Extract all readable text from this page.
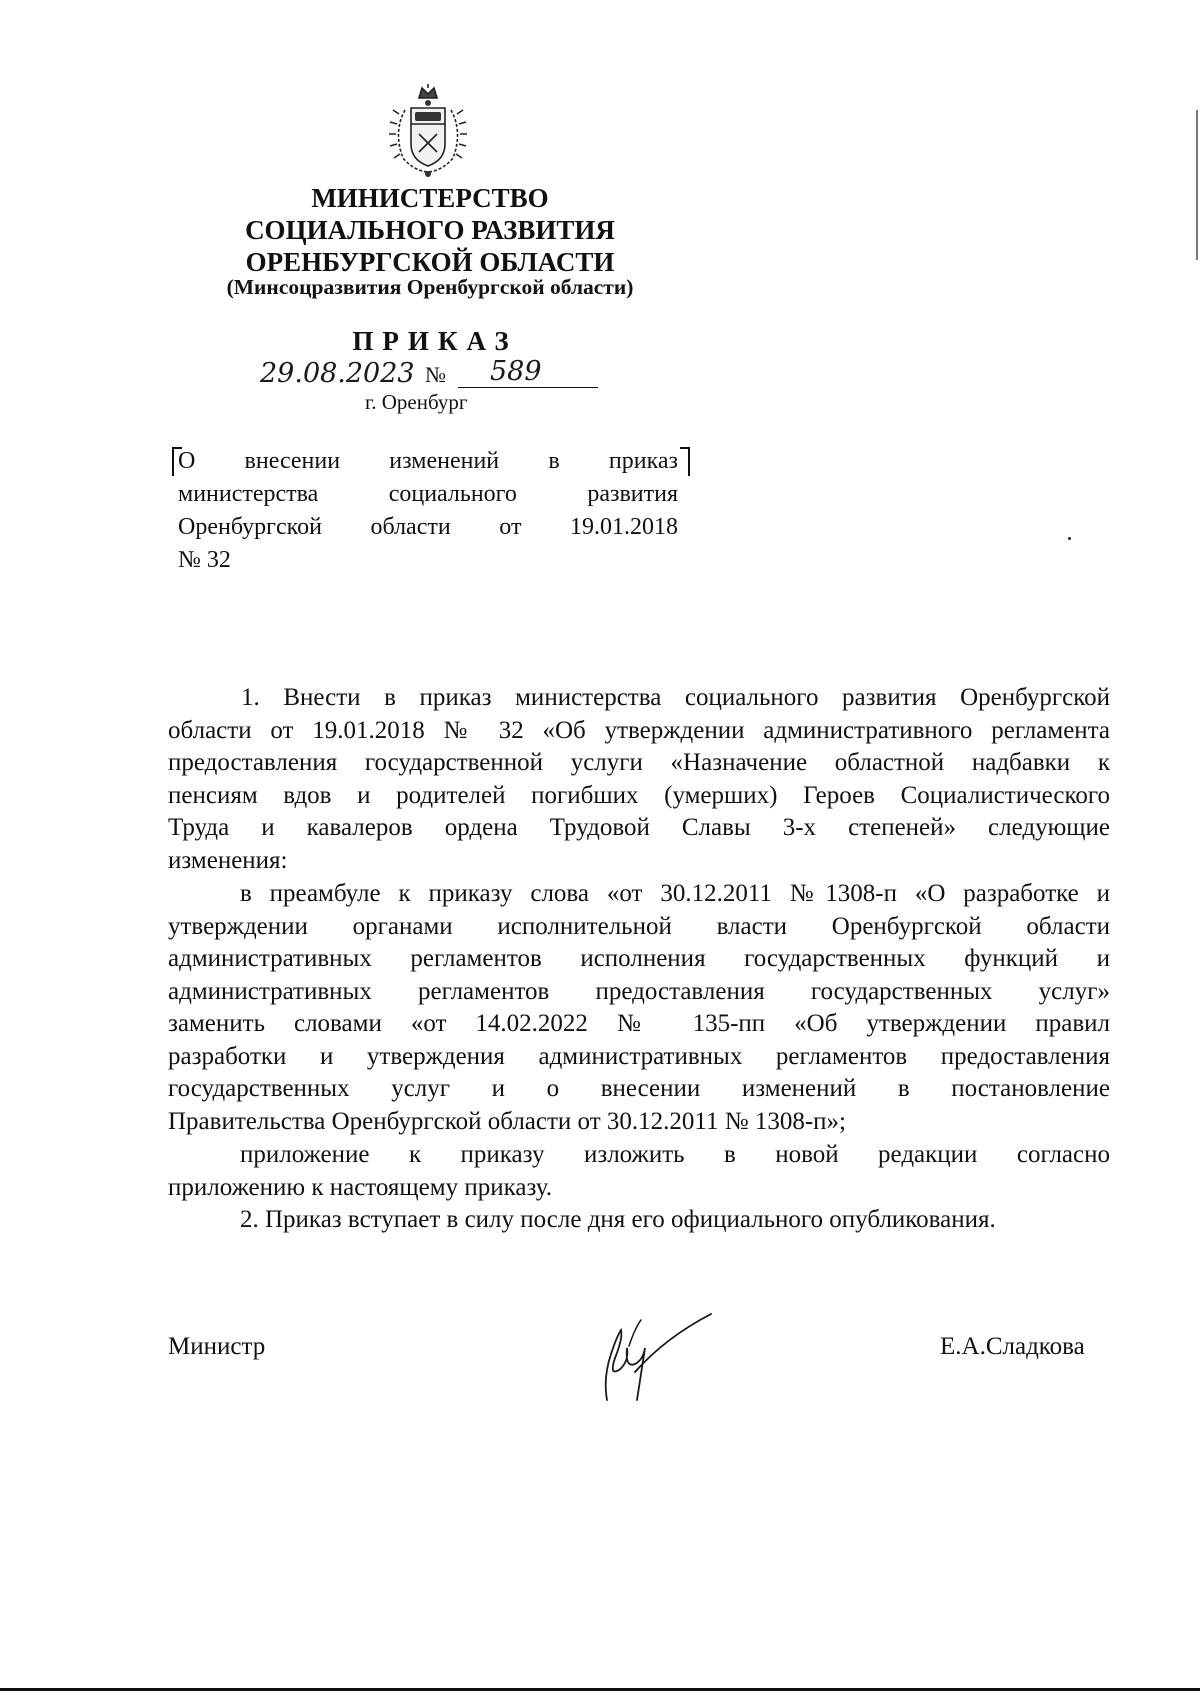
МИНИСТЕРСТВО
СОЦИАЛЬНОГО РАЗВИТИЯ
ОРЕНБУРГСКОЙ ОБЛАСТИ
(Минсоцразвития Оренбургской области)
ПРИКАЗ
29.08.2023 № 589
г. Оренбург
О внесении изменений в приказ
министерства социального развития
Оренбургской области от 19.01.2018
№ 32
1. Внести в приказ министерства социального развития Оренбургской
области от 19.01.2018 № 32 «Об утверждении административного регламента
предоставления государственной услуги «Назначение областной надбавки к
пенсиям вдов и родителей погибших (умерших) Героев Социалистического
Труда и кавалеров ордена Трудовой Славы 3-х степеней» следующие
изменения:
в преамбуле к приказу слова «от 30.12.2011 №1308-п «О разработке и
утверждении органами исполнительной власти Оренбургской области
административных регламентов исполнения государственных функций и
административных регламентов предоставления государственных услуг»
заменить словами «от 14.02.2022 № 135-пп «Об утверждении правил
разработки и утверждения административных регламентов предоставления
государственных услуг и о внесении изменений в постановление
Правительства Оренбургской области от 30.12.2011 № 1308-п»;
приложение к приказу изложить в новой редакции согласно
приложению к настоящему приказу.
2. Приказ вступает в силу после дня его официального опубликования.
Министр	Е.А.Сладкова
